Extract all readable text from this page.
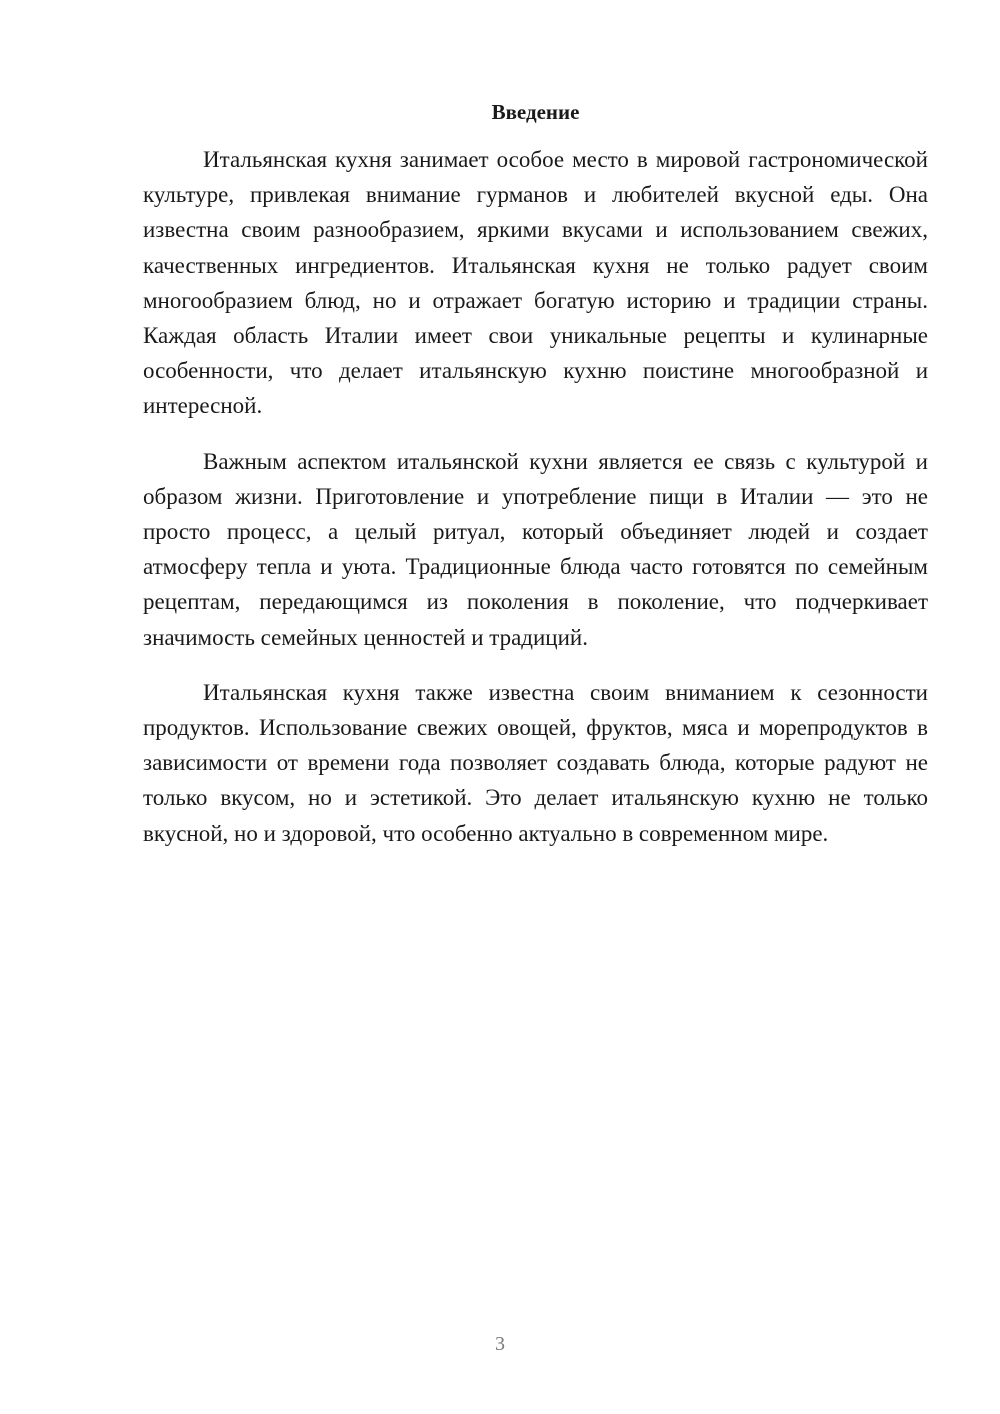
Введение

Итальянская кухня занимает особое место в мировой гастрономической культуре, привлекая внимание гурманов и любителей вкусной еды. Она известна своим разнообразием, яркими вкусами и использованием свежих, качественных ингредиентов. Итальянская кухня не только радует своим многообразием блюд, но и отражает богатую историю и традиции страны. Каждая область Италии имеет свои уникальные рецепты и кулинарные особенности, что делает итальянскую кухню поистине многообразной и интересной.

Важным аспектом итальянской кухни является ее связь с культурой и образом жизни. Приготовление и употребление пищи в Италии — это не просто процесс, а целый ритуал, который объединяет людей и создает атмосферу тепла и уюта. Традиционные блюда часто готовятся по семейным рецептам, передающимся из поколения в поколение, что подчеркивает значимость семейных ценностей и традиций.

Итальянская кухня также известна своим вниманием к сезонности продуктов. Использование свежих овощей, фруктов, мяса и морепродуктов в зависимости от времени года позволяет создавать блюда, которые радуют не только вкусом, но и эстетикой. Это делает итальянскую кухню не только вкусной, но и здоровой, что особенно актуально в современном мире.

3
